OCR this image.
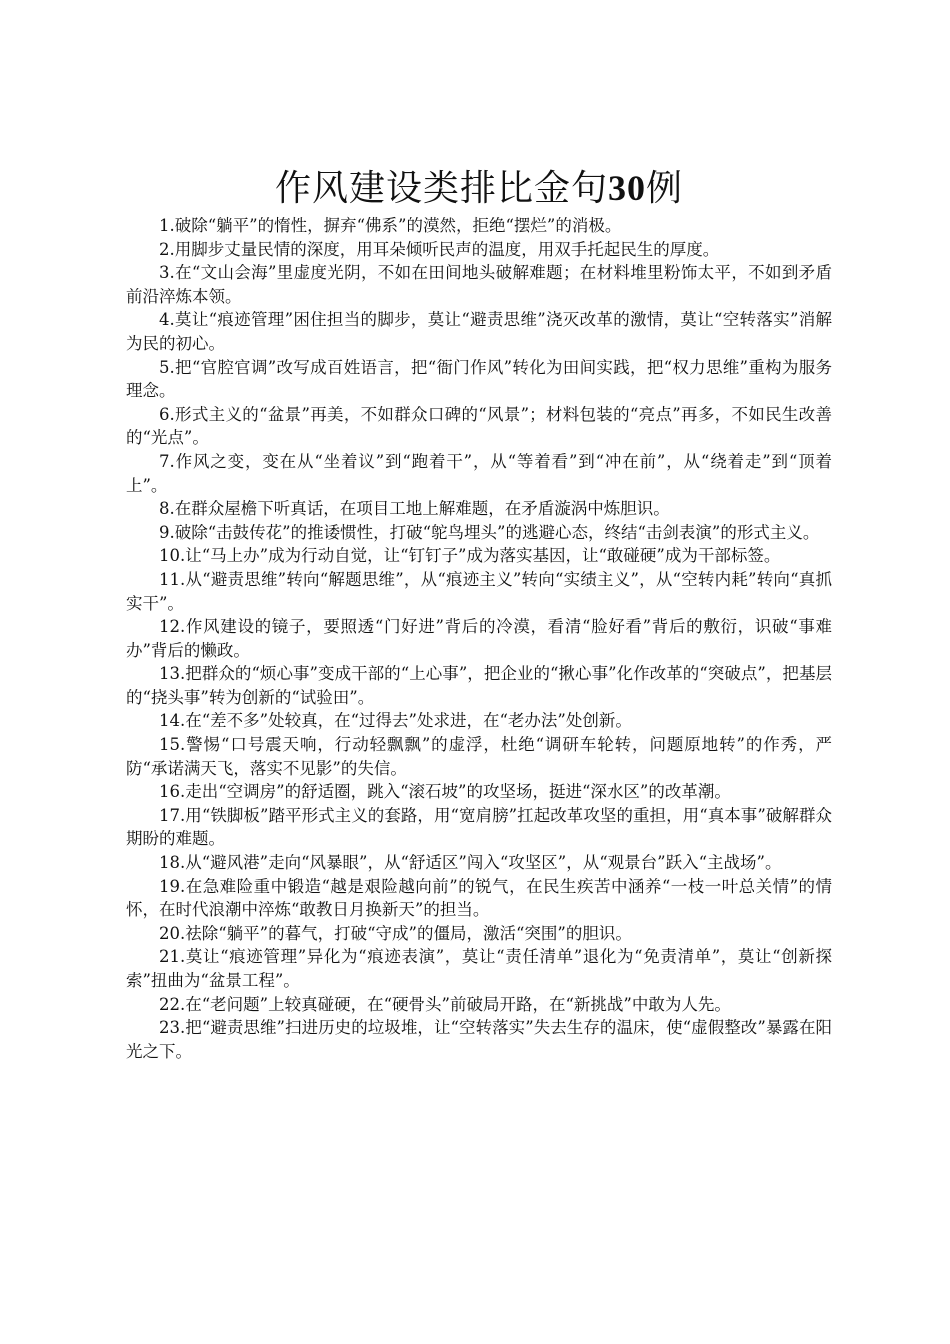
作风建设类排比金句30例

1.破除“躺平”的惰性，摒弃“佛系”的漠然，拒绝“摆烂”的消极。

2.用脚步丈量民情的深度，用耳朵倾听民声的温度，用双手托起民生的厚度。

3.在“文山会海”里虚度光阴，不如在田间地头破解难题；在材料堆里粉饰太平，不如到矛盾前沿淬炼本领。

4.莫让“痕迹管理”困住担当的脚步，莫让“避责思维”浇灭改革的激情，莫让“空转落实”消解为民的初心。

5.把“官腔官调”改写成百姓语言，把“衙门作风”转化为田间实践，把“权力思维”重构为服务理念。

6.形式主义的“盆景”再美，不如群众口碑的“风景”；材料包装的“亮点”再多，不如民生改善的“光点”。

7.作风之变，变在从“坐着议”到“跑着干”，从“等着看”到“冲在前”，从“绕着走”到“顶着上”。

8.在群众屋檐下听真话，在项目工地上解难题，在矛盾漩涡中炼胆识。

9.破除“击鼓传花”的推诿惯性，打破“鸵鸟埋头”的逃避心态，终结“击剑表演”的形式主义。

10.让“马上办”成为行动自觉，让“钉钉子”成为落实基因，让“敢碰硬”成为干部标签。

11.从“避责思维”转向“解题思维”，从“痕迹主义”转向“实绩主义”，从“空转内耗”转向“真抓实干”。

12.作风建设的镜子，要照透“门好进”背后的冷漠，看清“脸好看”背后的敷衍，识破“事难办”背后的懒政。

13.把群众的“烦心事”变成干部的“上心事”，把企业的“揪心事”化作改革的“突破点”，把基层的“挠头事”转为创新的“试验田”。

14.在“差不多”处较真，在“过得去”处求进，在“老办法”处创新。

15.警惕“口号震天响，行动轻飘飘”的虚浮，杜绝“调研车轮转，问题原地转”的作秀，严防“承诺满天飞，落实不见影”的失信。

16.走出“空调房”的舒适圈，跳入“滚石坡”的攻坚场，挺进“深水区”的改革潮。

17.用“铁脚板”踏平形式主义的套路，用“宽肩膀”扛起改革攻坚的重担，用“真本事”破解群众期盼的难题。

18.从“避风港”走向“风暴眼”，从“舒适区”闯入“攻坚区”，从“观景台”跃入“主战场”。

19.在急难险重中锻造“越是艰险越向前”的锐气，在民生疾苦中涵养“一枝一叶总关情”的情怀，在时代浪潮中淬炼“敢教日月换新天”的担当。

20.祛除“躺平”的暮气，打破“守成”的僵局，激活“突围”的胆识。

21.莫让“痕迹管理”异化为“痕迹表演”，莫让“责任清单”退化为“免责清单”，莫让“创新探索”扭曲为“盆景工程”。

22.在“老问题”上较真碰硬，在“硬骨头”前破局开路，在“新挑战”中敢为人先。

23.把“避责思维”扫进历史的垃圾堆，让“空转落实”失去生存的温床，使“虚假整改”暴露在阳光之下。
